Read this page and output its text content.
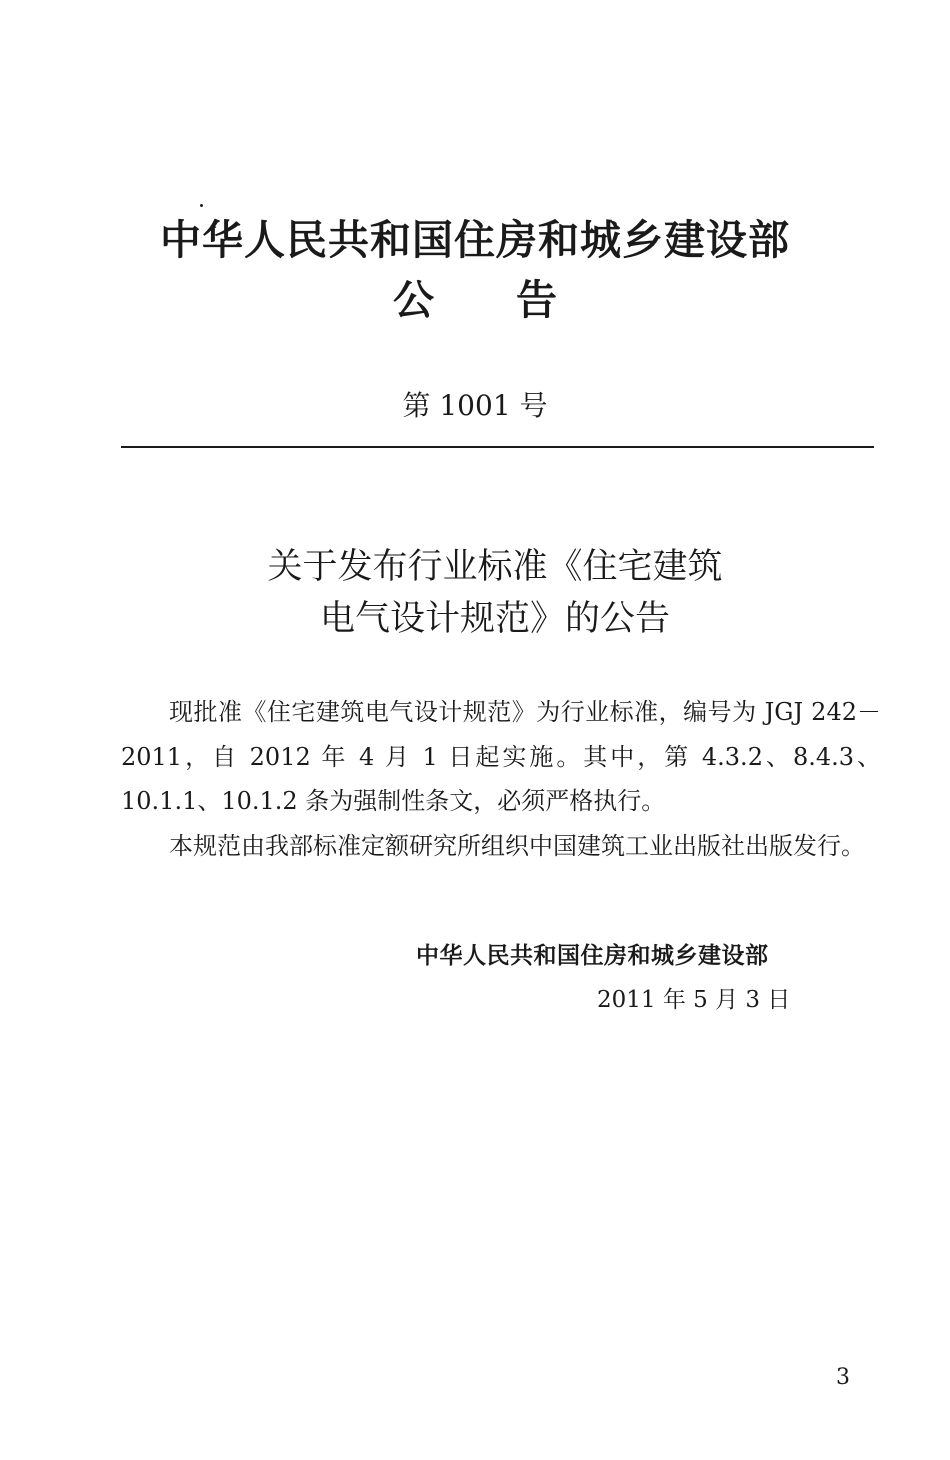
中华人民共和国住房和城乡建设部
公 告
第 1001 号
关于发布行业标准《住宅建筑
电气设计规范》的公告

现批准《住宅建筑电气设计规范》为行业标准，编号为 JGJ 242－2011，自 2012 年 4 月 1 日起实施。其中，第 4.3.2、8.4.3、10.1.1、10.1.2 条为强制性条文，必须严格执行。

本规范由我部标准定额研究所组织中国建筑工业出版社出版发行。

中华人民共和国住房和城乡建设部
2011 年 5 月 3 日
3
